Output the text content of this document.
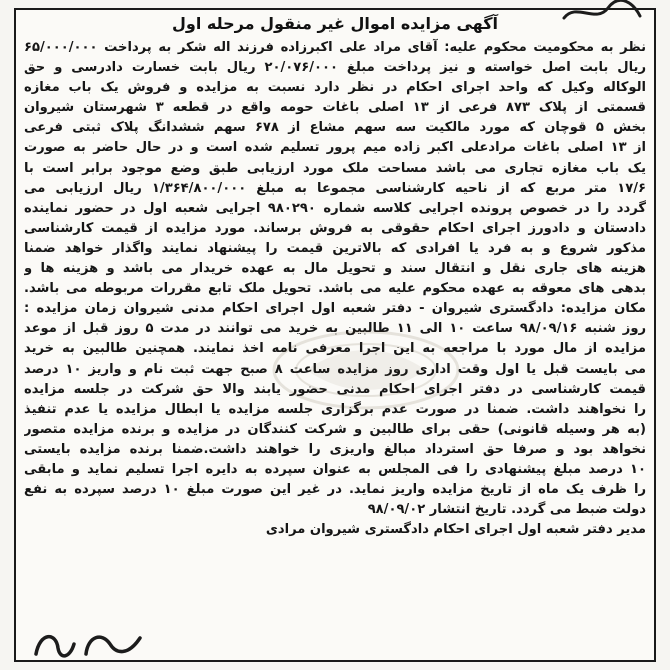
آگهی مزایده اموال غیر منقول مرحله اول
نظر به محکومیت محکوم علیه: آقای مراد علی اکبرزاده فرزند اله شکر به پرداخت ۶۵/۰۰۰/۰۰۰
ریال بابت اصل خواسته و نیز پرداخت مبلغ ۲۰/۰۷۶/۰۰۰ ریال بابت خسارت دادرسی و حق
الوکاله وکیل که واحد اجرای احکام در نظر دارد نسبت به مزایده و فروش یک باب مغازه
قسمتی از پلاک ۸۷۳ فرعی از ۱۳ اصلی باغات حومه واقع در قطعه ۳ شهرستان شیروان
بخش ۵ قوچان که مورد مالکیت سه سهم مشاع از ۶۷۸ سهم ششدانگ پلاک ثبتی فرعی
از ۱۳ اصلی باغات مرادعلی اکبر زاده میم پرور تسلیم شده است و در حال حاضر به صورت
یک باب مغازه تجاری می باشد مساحت ملک مورد ارزیابی طبق وضع موجود برابر است با
۱۷/۶ متر مربع که از ناحیه کارشناسی مجموعا به مبلغ ۱/۳۶۴/۸۰۰/۰۰۰ ریال ارزیابی می
گردد را در خصوص پرونده اجرایی کلاسه شماره ۹۸۰۲۹۰ اجرایی شعبه اول در حضور نماینده
دادستان و دادورز اجرای احکام حقوقی به فروش برساند. مورد مزایده از قیمت کارشناسی
مذکور شروع و به فرد یا افرادی که بالاترین قیمت را پیشنهاد نمایند واگذار خواهد ضمنا
هزینه های جاری نقل و انتقال سند و تحویل مال به عهده خریدار می باشد و هزینه ها و
بدهی های معوقه به عهده محکوم علیه می باشد. تحویل ملک تابع مقررات مربوطه می باشد.
مکان مزایده: دادگستری شیروان - دفتر شعبه اول اجرای احکام مدنی شیروان زمان مزایده :
روز شنبه ۹۸/۰۹/۱۶ ساعت ۱۰ الی ۱۱ طالبین به خرید می توانند در مدت ۵ روز قبل از موعد
مزایده از مال مورد با مراجعه به این اجرا معرفی نامه اخذ نمایند. همچنین طالبین به خرید
می بایست قبل یا اول وقت اداری روز مزایده ساعت ۸ صبح جهت ثبت نام و واریز ۱۰ درصد
قیمت کارشناسی در دفتر اجرای احکام مدنی حضور یابند والا حق شرکت در جلسه مزایده
را نخواهند داشت. ضمنا در صورت عدم برگزاری جلسه مزایده یا ابطال مزایده یا عدم تنفیذ
(به هر وسیله قانونی) حقی برای طالبین و شرکت کنندگان در مزایده و برنده مزایده متصور
نخواهد بود و صرفا حق استرداد مبالغ واریزی را خواهند داشت.ضمنا برنده مزایده بایستی
۱۰ درصد مبلغ پیشنهادی را فی المجلس به عنوان سپرده به دایره اجرا تسلیم نماید و مابقی
را ظرف یک ماه از تاریخ مزایده واریز نماید. در غیر این صورت مبلغ ۱۰ درصد سپرده به نفع
دولت ضبط می گردد. تاریخ انتشار ۹۸/۰۹/۰۲
مدیر دفتر شعبه اول اجرای احکام دادگستری شیروان مرادی
